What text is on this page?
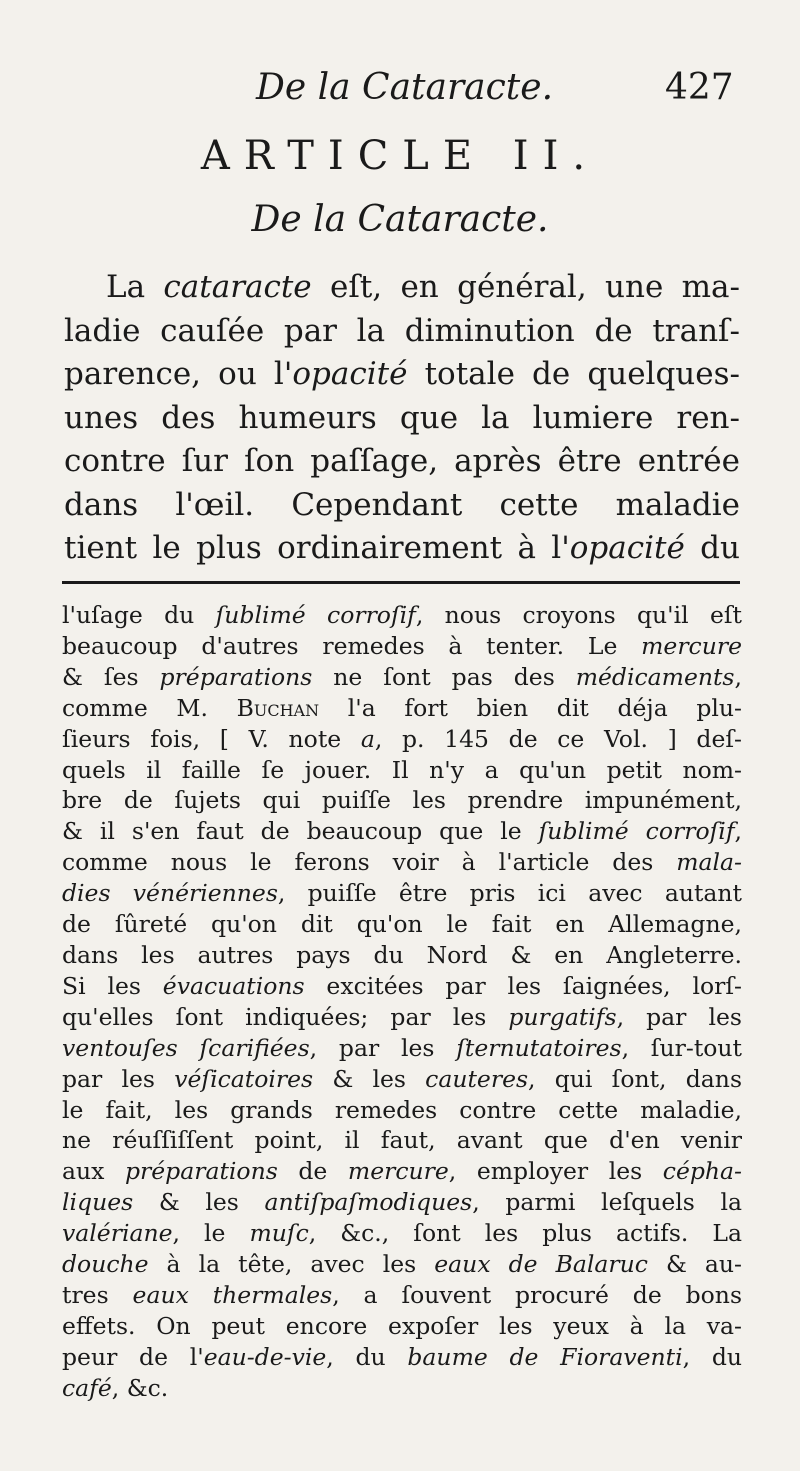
De la Cataracte.	427
ARTICLE II.
De la Cataracte.
La cataracte eſt, en général, une ma-
ladie cauſée par la diminution de tranſ-
parence, ou l'opacité totale de quelques-
unes des humeurs que la lumiere ren-
contre ſur ſon paſſage, après être entrée
dans l'œil. Cependant cette maladie
tient le plus ordinairement à l'opacité du
l'uſage du ſublimé corroſif, nous croyons qu'il eſt
beaucoup d'autres remedes à tenter. Le mercure
& ſes préparations ne ſont pas des médicaments,
comme M. Buchan l'a fort bien dit déja plu-
ſieurs fois, [ V. note a, p. 145 de ce Vol. ] deſ-
quels il faille ſe jouer. Il n'y a qu'un petit nom-
bre de ſujets qui puiſſe les prendre impunément,
& il s'en faut de beaucoup que le ſublimé corroſif,
comme nous le ferons voir à l'article des mala-
dies vénériennes, puiſſe être pris ici avec autant
de ſûreté qu'on dit qu'on le fait en Allemagne,
dans les autres pays du Nord & en Angleterre.
Si les évacuations excitées par les ſaignées, lorſ-
qu'elles ſont indiquées; par les purgatifs, par les
ventouſes ſcarifiées, par les ſternutatoires, ſur-tout
par les véſicatoires & les cauteres, qui ſont, dans
le fait, les grands remedes contre cette maladie,
ne réuſſiſſent point, il faut, avant que d'en venir
aux préparations de mercure, employer les cépha-
liques & les antiſpaſmodiques, parmi leſquels la
valériane, le muſc, &c., ſont les plus actifs. La
douche à la tête, avec les eaux de Balaruc & au-
tres eaux thermales, a ſouvent procuré de bons
effets. On peut encore expoſer les yeux à la va-
peur de l'eau-de-vie, du baume de Fioraventi, du
café, &c.
